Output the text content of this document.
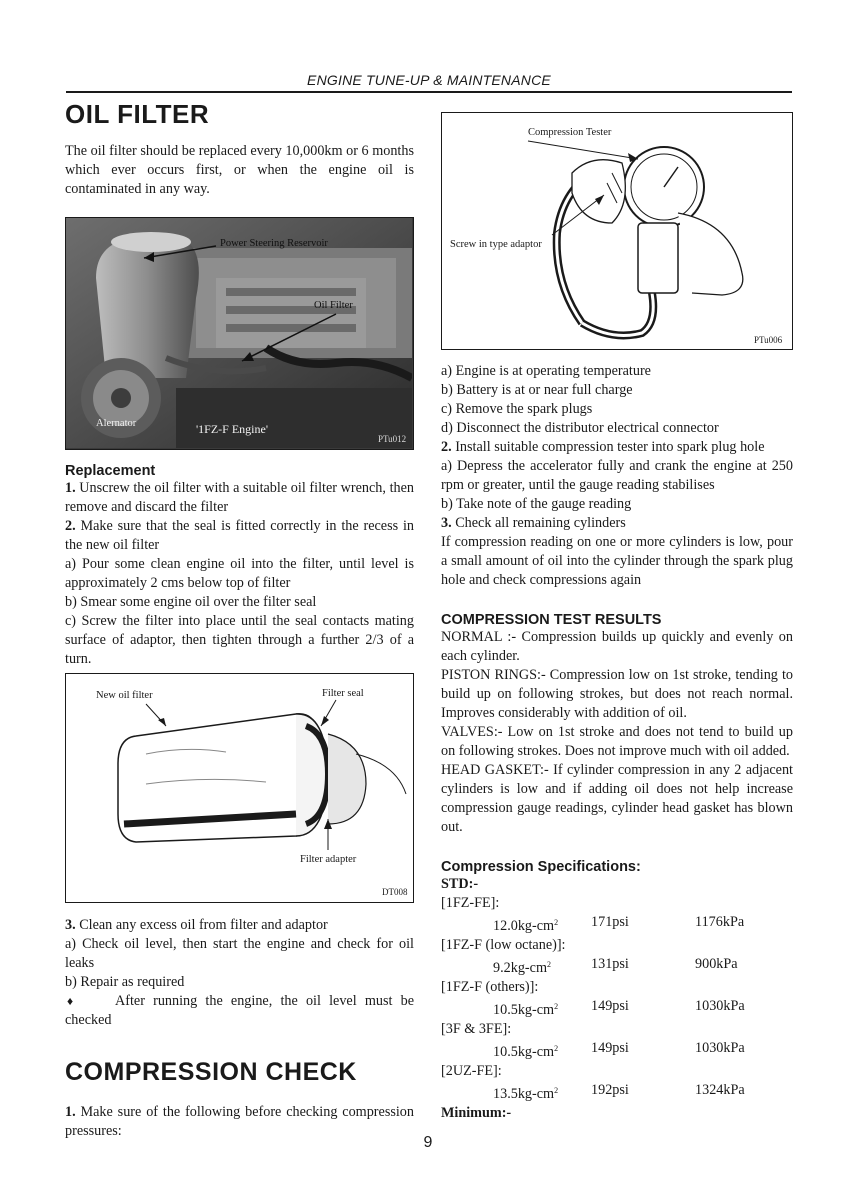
ENGINE TUNE-UP & MAINTENANCE
OIL FILTER

The oil filter should be replaced every 10,000km or 6 months which ever occurs first, or when the engine oil is contaminated in any way.

Power Steering Reservoir
Oil Filter
Alernator	'1FZ-F Engine'
PTu012
Replacement

1. Unscrew the oil filter with a suitable oil filter wrench, then remove and discard the filter

2. Make sure that the seal is fitted correctly in the recess in the new oil filter

a) Pour some clean engine oil into the filter, until level is approximately 2 cms below top of filter

b) Smear some engine oil over the filter seal

c) Screw the filter into place until the seal contacts mating surface of adaptor, then tighten through a further 2/3 of a turn.

New oil filter	Filter seal
Filter adapter
DT008

3. Clean any excess oil from filter and adaptor

a) Check oil level, then start the engine and check for oil leaks

b) Repair as required

♦	After running the engine, the oil level must be checked

COMPRESSION CHECK

1. Make sure of the following before checking compression pressures:

Compression Tester
Screw in type adaptor
PTu006

a) Engine is at operating temperature

b) Battery is at or near full charge

c) Remove the spark plugs

d) Disconnect the distributor electrical connector

2. Install suitable compression tester into spark plug hole

a) Depress the accelerator fully and crank the engine at 250 rpm or greater, until the gauge reading stabilises

b) Take note of the gauge reading

3. Check all remaining cylinders

If compression reading on one or more cylinders is low, pour a small amount of oil into the cylinder through the spark plug hole and check compressions again

COMPRESSION TEST RESULTS

NORMAL :- Compression builds up quickly and evenly on each cylinder.

PISTON RINGS:- Compression low on 1st stroke, tending to build up on following strokes, but does not reach normal. Improves considerably with addition of oil.

VALVES:- Low on 1st stroke and does not tend to build up on following strokes. Does not improve much with oil added.

HEAD GASKET:- If cylinder compression in any 2 adjacent cylinders is low and if adding oil does not help increase compression gauge readings, cylinder head gasket has blown out.

Compression Specifications:
STD:-
[1FZ-FE]:
$12.0kg-cm^2$	171psi	1176kPa
[1FZ-F (low octane)]:
$9.2kg-cm^2$	131psi	900kPa
[1FZ-F (others)]:
$10.5kg-cm^2$	149psi	1030kPa
[3F & 3FE]:
$10.5kg-cm^2$	149psi	1030kPa
[2UZ-FE]:
$13.5kg-cm^2$	192psi	1324kPa
Minimum:-
9
